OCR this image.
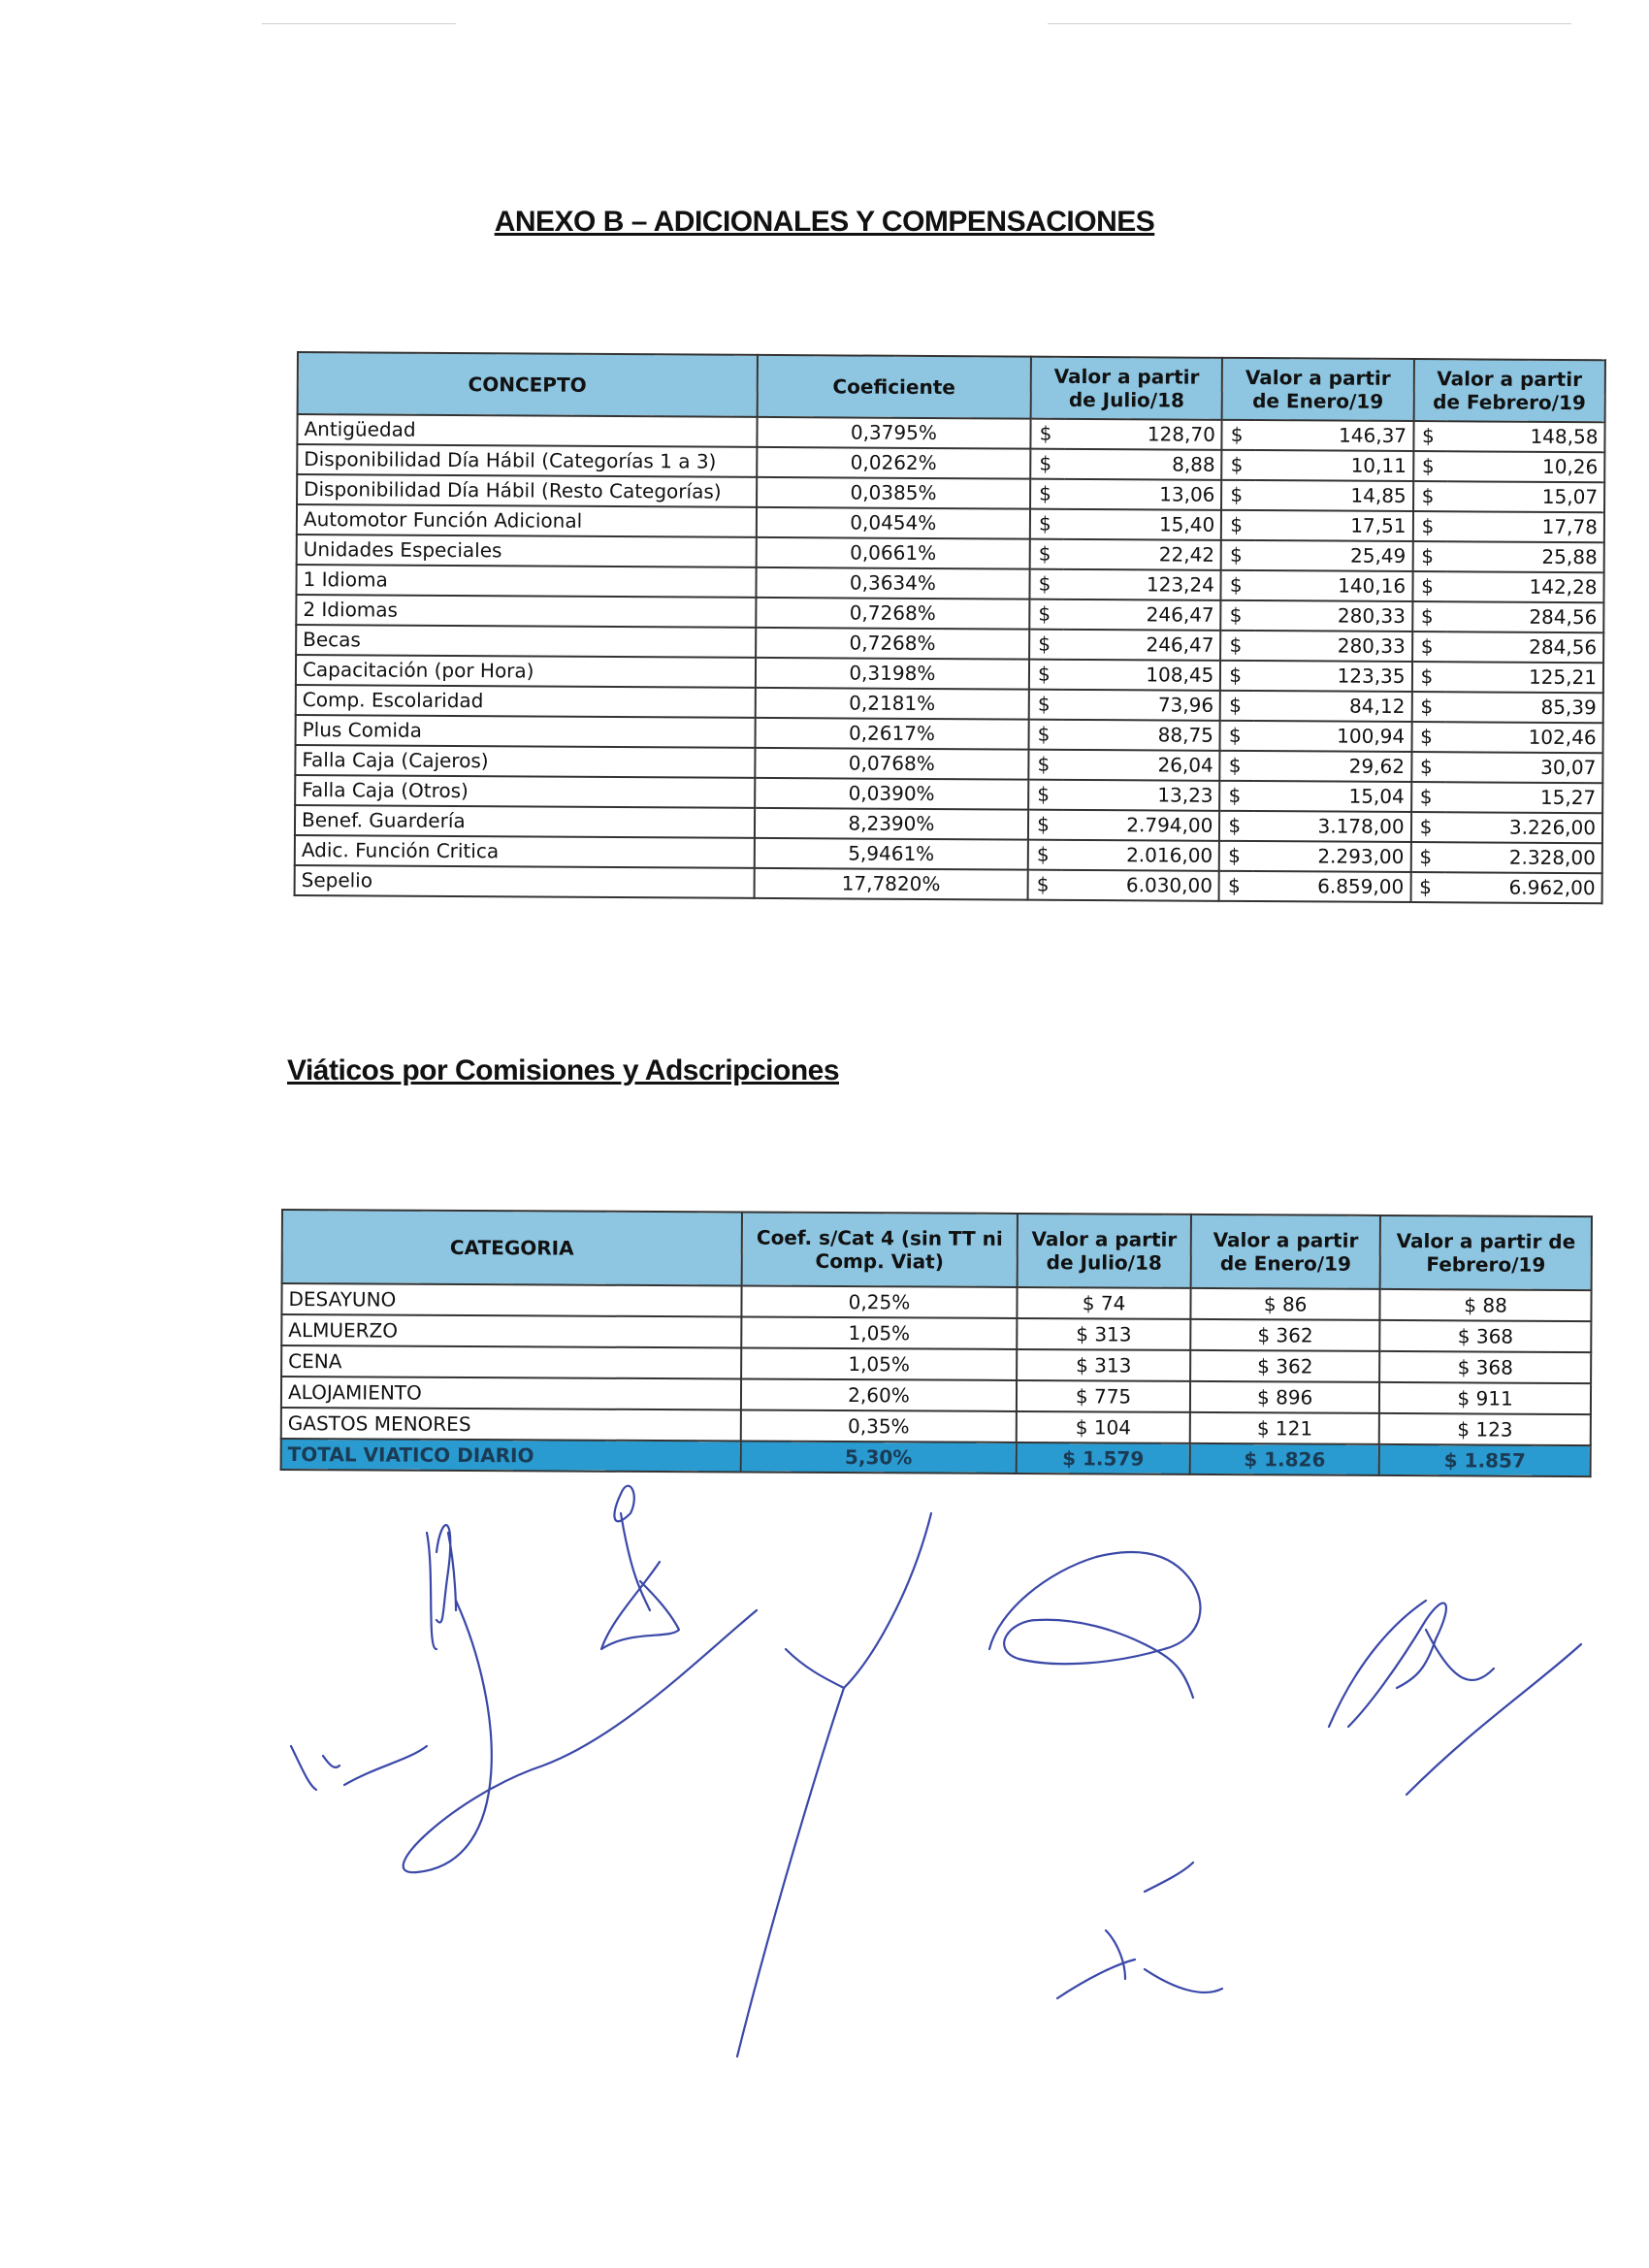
ANEXO B – ADICIONALES Y COMPENSACIONES
CONCEPTO	Coeficiente	Valor a partir de Julio/18		Valor a partir de Enero/19		Valor a partir de Febrero/19	
Antigüedad	0,3795%	$	128,70	$	146,37	$	148,58
Disponibilidad Día Hábil (Categorías 1 a 3)	0,0262%	$	8,88	$	10,11	$	10,26
Disponibilidad Día Hábil (Resto Categorías)	0,0385%	$	13,06	$	14,85	$	15,07
Automotor Función Adicional	0,0454%	$	15,40	$	17,51	$	17,78
Unidades Especiales	0,0661%	$	22,42	$	25,49	$	25,88
1 Idioma	0,3634%	$	123,24	$	140,16	$	142,28
2 Idiomas	0,7268%	$	246,47	$	280,33	$	284,56
Becas	0,7268%	$	246,47	$	280,33	$	284,56
Capacitación (por Hora)	0,3198%	$	108,45	$	123,35	$	125,21
Comp. Escolaridad	0,2181%	$	73,96	$	84,12	$	85,39
Plus Comida	0,2617%	$	88,75	$	100,94	$	102,46
Falla Caja (Cajeros)	0,0768%	$	26,04	$	29,62	$	30,07
Falla Caja (Otros)	0,0390%	$	13,23	$	15,04	$	15,27
Benef. Guardería	8,2390%	$	2.794,00	$	3.178,00	$	3.226,00
Adic. Función Critica	5,9461%	$	2.016,00	$	2.293,00	$	2.328,00
Sepelio	17,7820%	$	6.030,00	$	6.859,00	$	6.962,00
Viáticos por Comisiones y Adscripciones
CATEGORIA	Coef. s/Cat 4 (sin TT ni Comp. Viat)	Valor a partir de Julio/18	Valor a partir de Enero/19	Valor a partir de Febrero/19
DESAYUNO	0,25%	$ 74	$ 86	$ 88
ALMUERZO	1,05%	$ 313	$ 362	$ 368
CENA	1,05%	$ 313	$ 362	$ 368
ALOJAMIENTO	2,60%	$ 775	$ 896	$ 911
GASTOS MENORES	0,35%	$ 104	$ 121	$ 123
TOTAL VIATICO DIARIO	5,30%	$ 1.579	$ 1.826	$ 1.857
